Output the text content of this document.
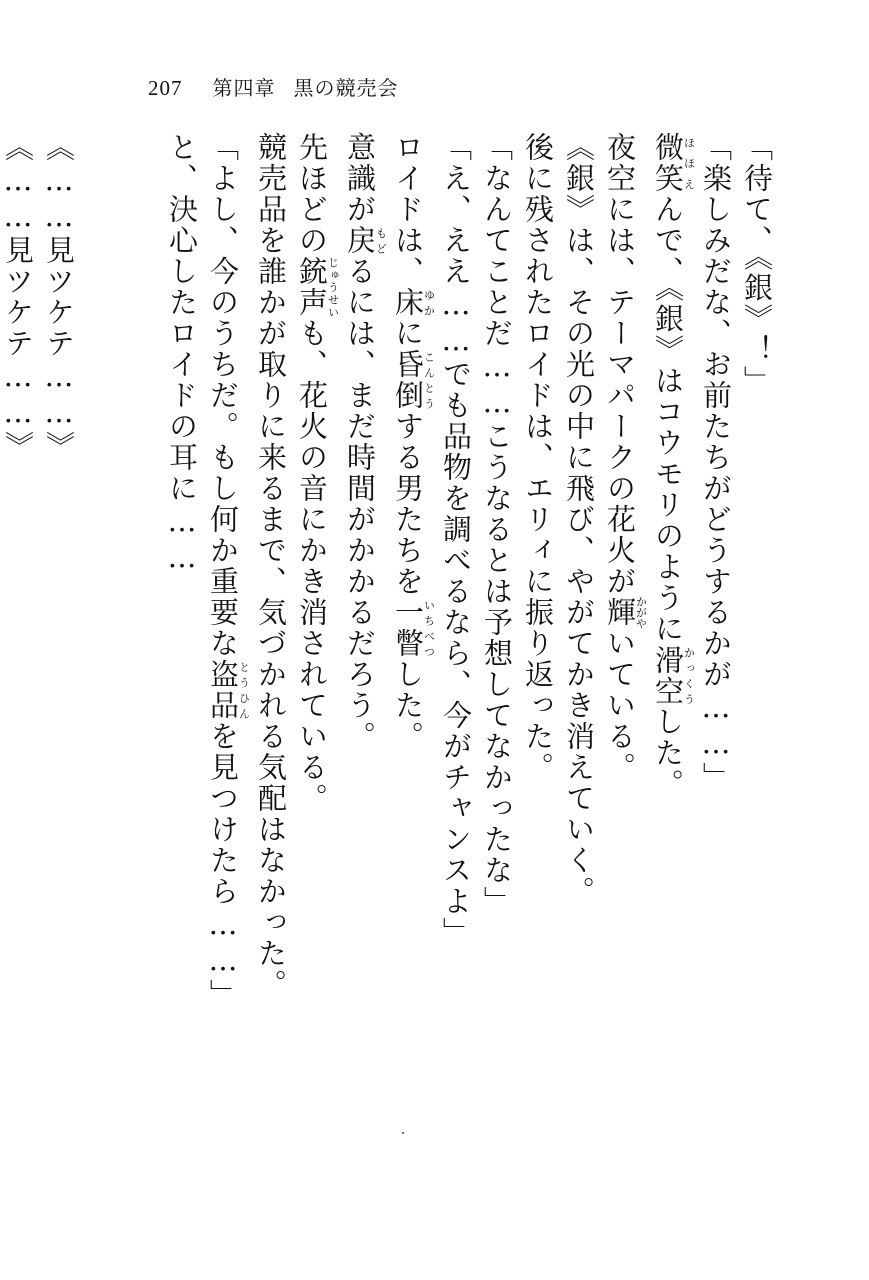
207 第四章 黒の競売会
「待て、《銀》！」
「楽しみだな、お前たちがどうするかが……」
微笑ほほえんで、《銀》はコウモリのように滑空かっくうした。
夜空には、テーマパークの花火が輝かがやいている。
《銀》は、その光の中に飛び、やがてかき消えていく。
後に残されたロイドは、エリィに振り返った。
「なんてことだ……こうなるとは予想してなかったな」
「え、ええ……でも品物を調べるなら、今がチャンスよ」
ロイドは、床ゆかに昏倒こんとうする男たちを一瞥いちべつした。
意識が戻もどるには、まだ時間がかかるだろう。
先ほどの銃声じゅうせいも、花火の音にかき消されている。
競売品を誰かが取りに来るまで、気づかれる気配はなかった。
「よし、今のうちだ。もし何か重要な盗品とうひんを見つけたら……」
と、決心したロイドの耳に……
《……見ツケテ……》
《……見ツケテ……》
